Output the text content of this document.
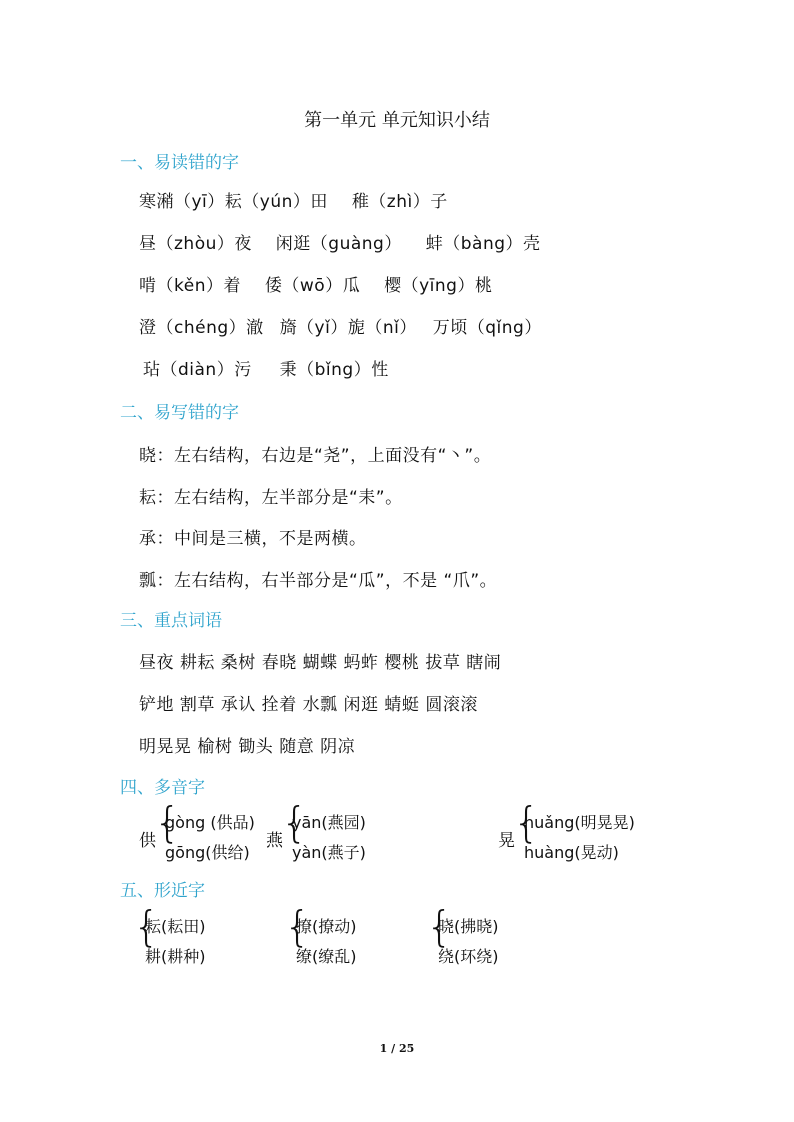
第一单元 单元知识小结
一、易读错的字
寒潲（yī）耘（yún）田 稚（zhì）子
昼（zhòu）夜 闲逛（guàng） 蚌（bàng）壳
啃（kěn）着 倭（wō）瓜 樱（yīng）桃
澄（chéng）澈 旖（yǐ）旎（nǐ） 万顷（qǐng）
玷（diàn）污 秉（bǐng）性
二、易写错的字
晓：左右结构，右边是“尧”，上面没有“丶”。
耘：左右结构，左半部分是“耒”。
承：中间是三横，不是两横。
瓢：左右结构，右半部分是“瓜”，不是 “爪”。
三、重点词语
昼夜 耕耘 桑树 春晓 蝴蝶 蚂蚱 樱桃 拔草 瞎闹
铲地 割草 承认 拴着 水瓢 闲逛 蜻蜓 圆滚滚
明晃晃 榆树 锄头 随意 阴凉
四、多音字
供
{
gòng (供品)
gōng(供给)
燕
{
yān(燕园)
yàn(燕子)
晃
{
huǎng(明晃晃)
huàng(晃动)
五、形近字
{
耘(耘田)
耕(耕种)
{
撩(撩动)
缭(缭乱)
{
晓(拂晓)
绕(环绕)
1 / 25
